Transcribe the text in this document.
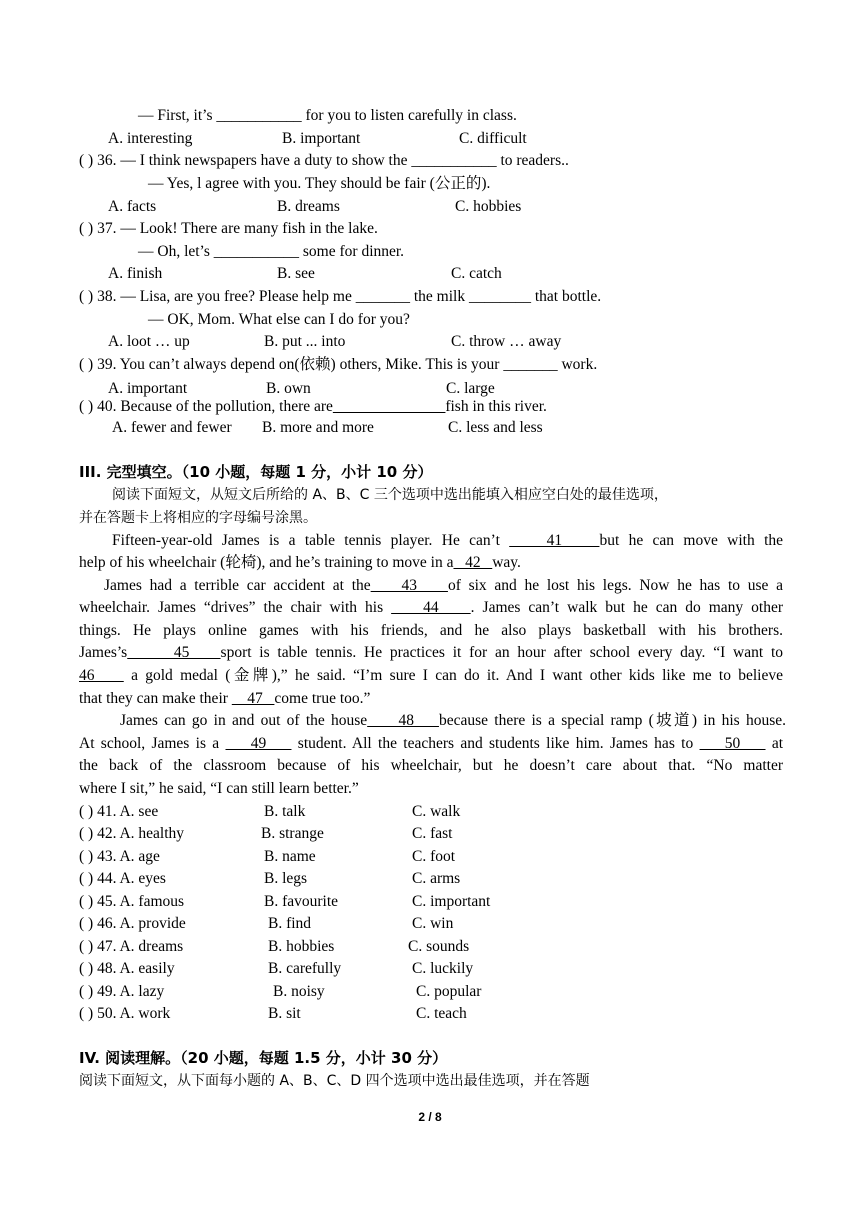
— First, it’s ___________ for you to listen carefully in class.
A. interesting	B. important	C. difficult
( ) 36. — I think newspapers have a duty to show the ___________ to readers..
— Yes, l agree with you. They should be fair (公正的).
A. facts	B. dreams	C. hobbies
( ) 37. — Look! There are many fish in the lake.
— Oh, let’s ___________ some for dinner.
A. finish	B. see	C. catch
( ) 38. — Lisa, are you free? Please help me _______ the milk ________ that bottle.
— OK, Mom. What else can I do for you?
A. loot … up	B. put ... into	C. throw … away
( ) 39. You can’t always depend on(依赖) others, Mike. This is your _______ work.
A. important	B. own	C. large
( ) 40. Because of the pollution, there are________ ______fish in this river.
A. fewer and fewer B. more and more	C. less and less
III. 完型填空。（10 小题，每题 1 分，小计 10 分）
阅读下面短文，从短文后所给的 A、B、C 三个选项中选出能填入相应空白处的最佳选项，
并在答题卡上将相应的字母编号涂黑。
Fifteen-year-old James is a table tennis player. He can’t     41    but he can move with the
help of his wheelchair (轮椅), and he’s training to move in a   42   way.
James had a terrible car accident at the    43    of six and he lost his legs. Now he has to use a
wheelchair. James “drives” the chair with his     44    . James can’t walk but he can do many other
things. He plays online games with his friends, and he also plays basketball with his brothers.
James’s      45    sport is table tennis. He practices it for an hour after school every day. “I want to
46     a gold medal (金牌),” he said. “I’m sure I can do it. And I want other kids like me to believe
that they can make their     47   come true too.”
James can go in and out of the house     48    because there is a special ramp (坡道) in his house.
At school, James is a     49     student. All the teachers and students like him. James has to     50     at
the back of the classroom because of his wheelchair, but he doesn’t care about that. “No matter
where I sit,” he said, “I can still learn better.”
( ) 41. A. see	B. talk	C. walk
( ) 42. A. healthy	B. strange	C. fast
( ) 43. A. age	B. name	C. foot
( ) 44. A. eyes	B. legs	C. arms
( ) 45. A. famous	B. favourite	C. important
( ) 46. A. provide	B. find	C. win
( ) 47. A. dreams	B. hobbies	C. sounds
( ) 48. A. easily	B. carefully	C. luckily
( ) 49. A. lazy	B. noisy	C. popular
( ) 50. A. work	B. sit	C. teach
IV. 阅读理解。（20 小题，每题 1.5 分，小计 30 分）
阅读下面短文，从下面每小题的 A、B、C、D 四个选项中选出最佳选项，并在答题
2 / 8
